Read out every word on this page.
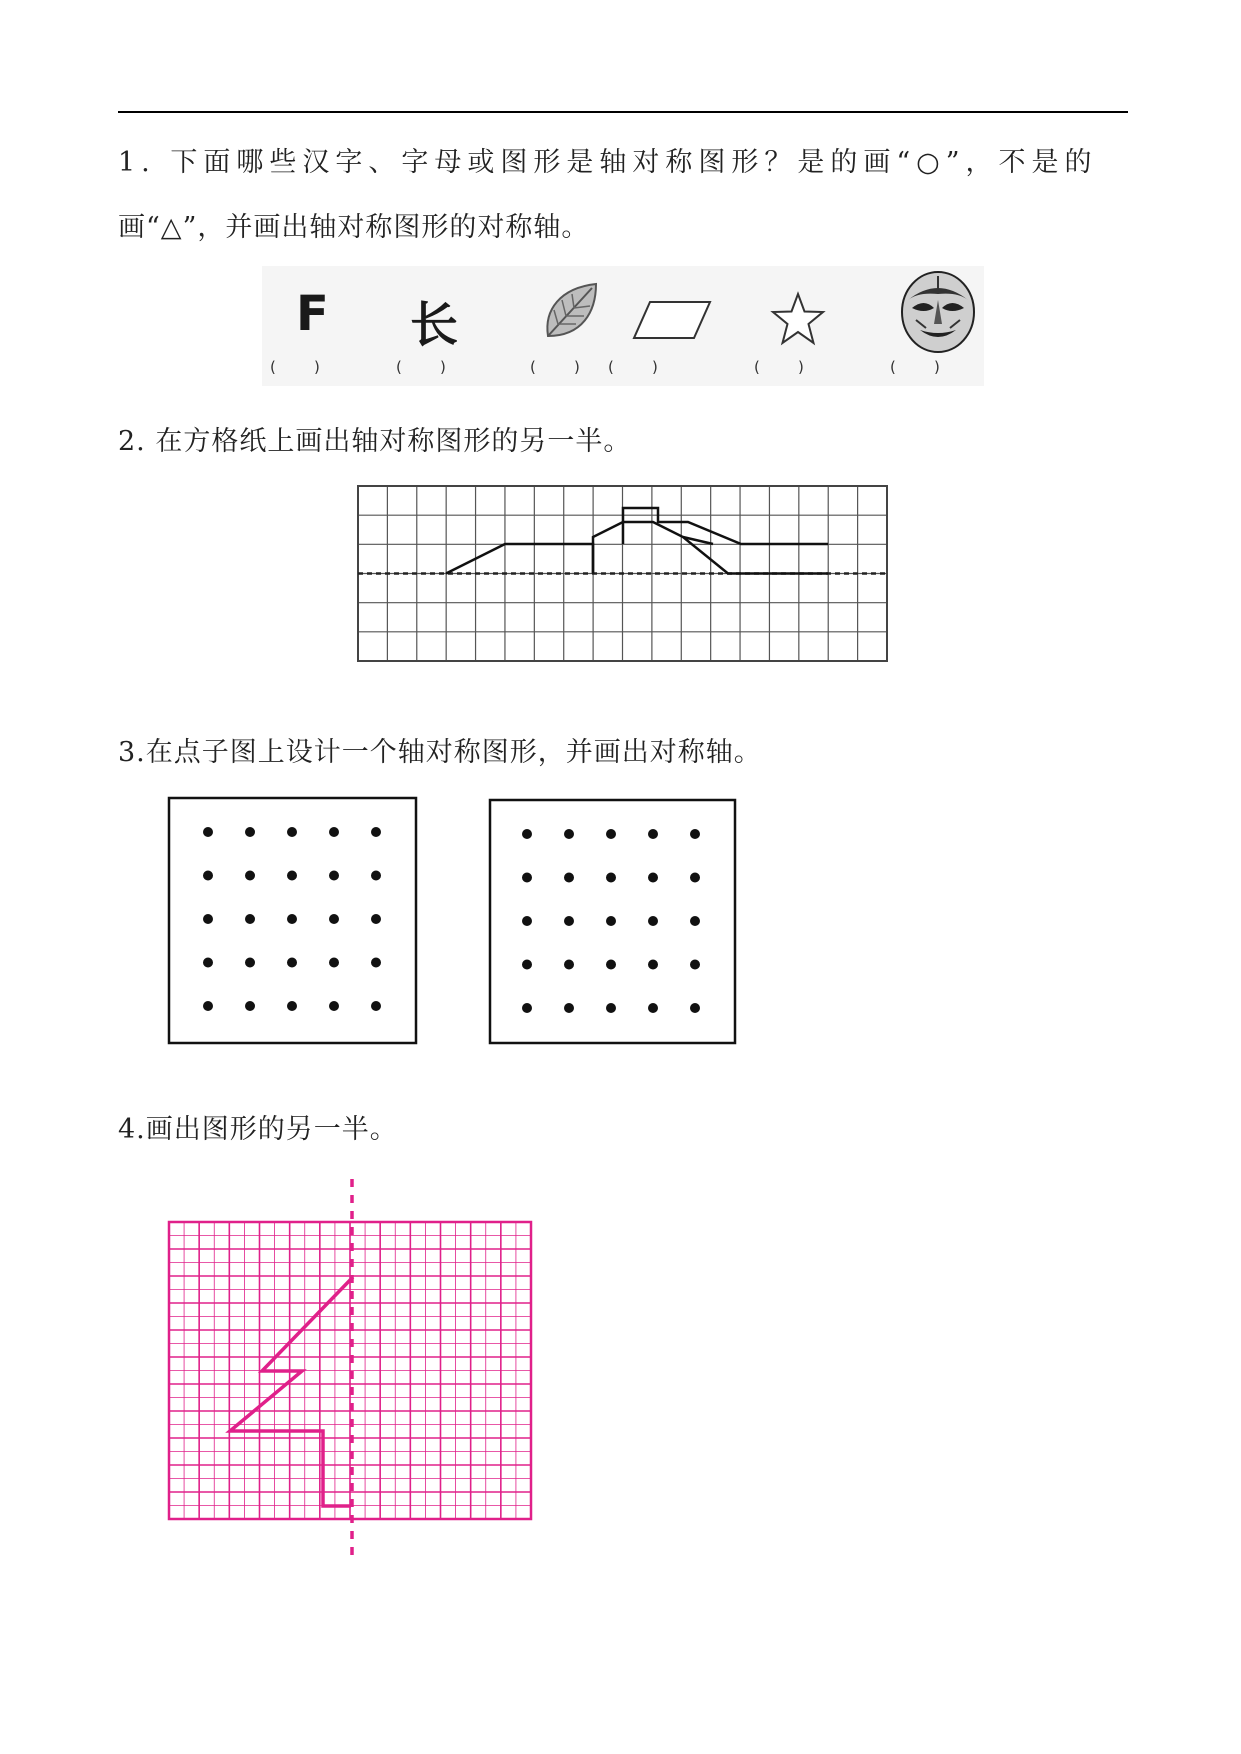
1. 下面哪些汉字、字母或图形是轴对称图形？是的画“○”，不是的
画“△”，并画出轴对称图形的对称轴。
F 长
(        )	(        )	(        ) (        )	(        )	(        )
2. 在方格纸上画出轴对称图形的另一半。
3.在点子图上设计一个轴对称图形，并画出对称轴。
4.画出图形的另一半。
